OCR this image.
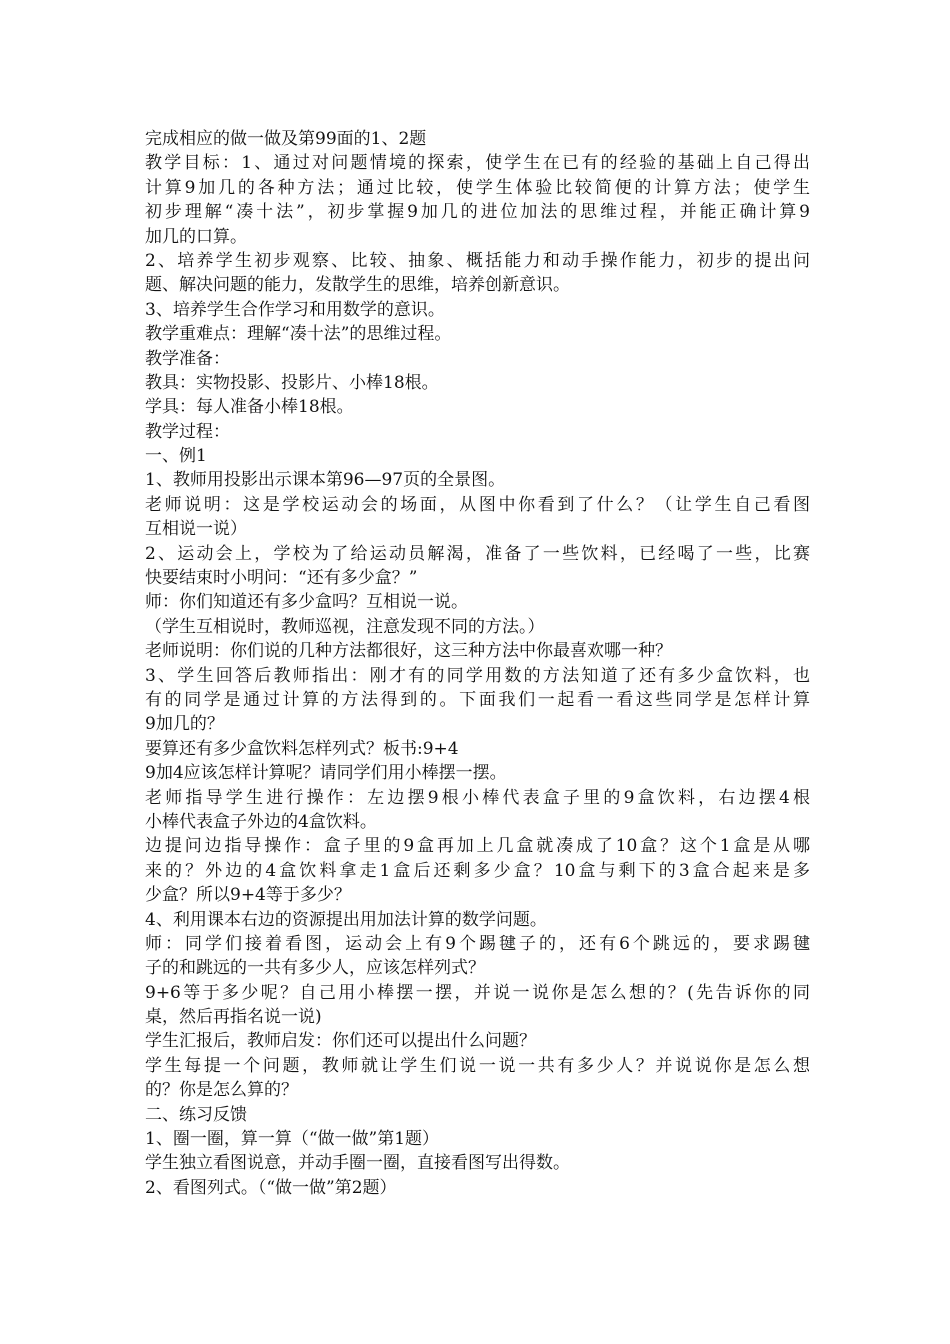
完成相应的做一做及第99面的1、2题
教学目标：1、通过对问题情境的探索，使学生在已有的经验的基础上自己得出
计算9加几的各种方法；通过比较，使学生体验比较简便的计算方法；使学生
初步理解“凑十法”，初步掌握9加几的进位加法的思维过程，并能正确计算9
加几的口算。
2、培养学生初步观察、比较、抽象、概括能力和动手操作能力，初步的提出问
题、解决问题的能力，发散学生的思维，培养创新意识。
3、培养学生合作学习和用数学的意识。
教学重难点：理解“凑十法”的思维过程。
教学准备：
教具：实物投影、投影片、小棒18根。
学具：每人准备小棒18根。
教学过程：
一、例1
1、教师用投影出示课本第96—97页的全景图。
老师说明：这是学校运动会的场面，从图中你看到了什么？（让学生自己看图
互相说一说）
2、运动会上，学校为了给运动员解渴，准备了一些饮料，已经喝了一些，比赛
快要结束时小明问：“还有多少盒？”
师：你们知道还有多少盒吗？互相说一说。
（学生互相说时，教师巡视，注意发现不同的方法。）
老师说明：你们说的几种方法都很好，这三种方法中你最喜欢哪一种？
3、学生回答后教师指出：刚才有的同学用数的方法知道了还有多少盒饮料，也
有的同学是通过计算的方法得到的。下面我们一起看一看这些同学是怎样计算
9加几的？
要算还有多少盒饮料怎样列式？板书:9+4
9加4应该怎样计算呢？请同学们用小棒摆一摆。
老师指导学生进行操作：左边摆9根小棒代表盒子里的9盒饮料，右边摆4根
小棒代表盒子外边的4盒饮料。
边提问边指导操作：盒子里的9盒再加上几盒就凑成了10盒？这个1盒是从哪
来的？外边的4盒饮料拿走1盒后还剩多少盒？10盒与剩下的3盒合起来是多
少盒？所以9+4等于多少？
4、利用课本右边的资源提出用加法计算的数学问题。
师：同学们接着看图，运动会上有9个踢毽子的，还有6个跳远的，要求踢毽
子的和跳远的一共有多少人，应该怎样列式？
9+6等于多少呢？自己用小棒摆一摆，并说一说你是怎么想的？(先告诉你的同
桌，然后再指名说一说)
学生汇报后，教师启发：你们还可以提出什么问题？
学生每提一个问题，教师就让学生们说一说一共有多少人？并说说你是怎么想
的？你是怎么算的？
二、练习反馈
1、圈一圈，算一算（“做一做”第1题）
学生独立看图说意，并动手圈一圈，直接看图写出得数。
2、看图列式。（“做一做”第2题）
